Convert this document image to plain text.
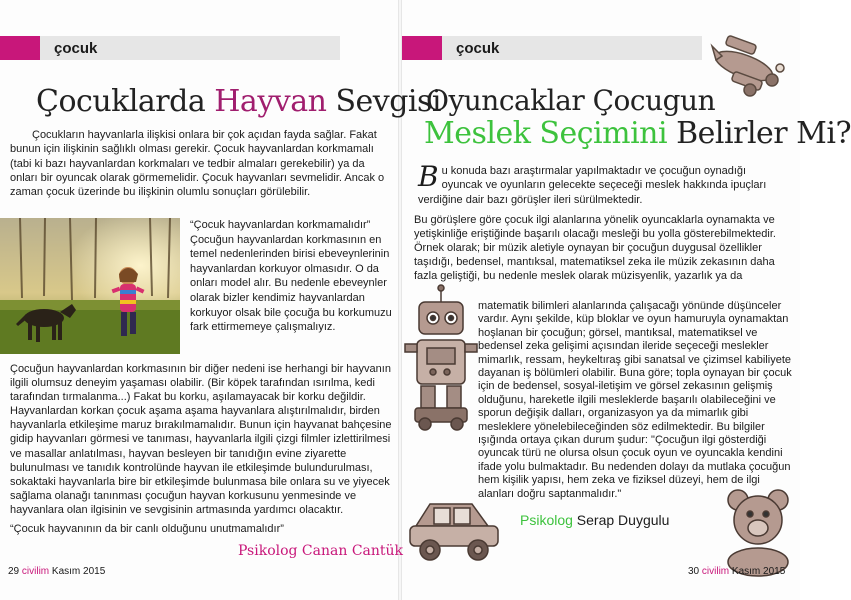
çocuk
Çocuklarda Hayvan Sevgisi

Çocukların hayvanlarla ilişkisi onlara bir çok açıdan fayda sağlar. Fakat bunun için ilişkinin sağlıklı olması gerekir. Çocuk hayvanlardan korkmamalı (tabi ki bazı hayvanlardan korkmaları ve tedbir almaları gerekebilir) ya da onları bir oyuncak olarak görmemelidir. Çocuk hayvanları sevmelidir. Ancak o zaman çocuk üzerinde bu ilişkinin olumlu sonuçları görülebilir.

“Çocuk hayvanlardan korkmamalıdır” Çocuğun hayvanlardan korkmasının en temel nedenlerinden birisi ebeveynlerinin hayvanlardan korkuyor olmasıdır. O da onları model alır. Bu nedenle ebeveynler olarak bizler kendimiz hayvanlardan korkuyor olsak bile çocuğa bu korkumuzu fark ettirmemeye çalışmalıyız.

Çocuğun hayvanlardan korkmasının bir diğer nedeni ise herhangi bir hayvanın ilgili olumsuz deneyim yaşaması olabilir. (Bir köpek tarafından ısırılma, kedi tarafından tırmalanma...) Fakat bu korku, aşılamayacak bir korku değildir. Hayvanlardan korkan çocuk aşama aşama hayvanlara alıştırılmalıdır, birden hayvanlarla etkileşime maruz bırakılmamalıdır. Bunun için hayvanat bahçesine gidip hayvanları görmesi ve tanıması, hayvanlarla ilgili çizgi filmler izlettirilmesi ve masallar anlatılması, hayvan besleyen bir tanıdığın evine ziyarette bulunulması ve tanıdık kontrolünde hayvan ile etkileşimde bulundurulması, sokaktaki hayvanlarla bire bir etkileşimde bulunmasa bile onlara su ve yiyecek sağlama olanağı tanınması çocuğun hayvan korkusunu yenmesinde ve hayvanlara olan ilgisinin ve sevgisinin artmasında yardımcı olacaktır.

“Çocuk hayvanının da bir canlı olduğunu unutmamalıdır”

Psikolog Canan Cantük
29 civilim Kasım 2015
çocuk
Oyuncaklar Çocugun
Meslek Seçimini Belirler Mi?
Bu konuda bazı araştırmalar yapılmaktadır ve çocuğun oynadığı oyuncak ve oyunların gelecekte seçeceği meslek hakkında ipuçları verdiğine dair bazı görüşler ileri sürülmektedir.

Bu görüşlere göre çocuk ilgi alanlarına yönelik oyuncaklarla oynamakta ve yetişkinliğe eriştiğinde başarılı olacağı mesleği bu yolla gösterebilmektedir. Örnek olarak; bir müzik aletiyle oynayan bir çocuğun duygusal özellikler taşıdığı, bedensel, mantıksal, matematiksel zeka ile müzik zekasının daha fazla geliştiği, bu nedenle meslek olarak müzisyenlik, yazarlık ya da

matematik bilimleri alanlarında çalışacağı yönünde düşünceler vardır. Aynı şekilde, küp bloklar ve oyun hamuruyla oynamaktan hoşlanan bir çocuğun; görsel, mantıksal, matematiksel ve bedensel zeka gelişimi açısından ileride seçeceği meslekler mimarlık, ressam, heykeltıraş gibi sanatsal ve çizimsel kabiliyete dayanan iş bölümleri olabilir. Buna göre; topla oynayan bir çocuk için de bedensel, sosyal-iletişim ve görsel zekasının gelişmiş olduğunu, hareketle ilgili mesleklerde başarılı olabileceğini ve sporun değişik dalları, organizasyon ya da mimarlık gibi mesleklere yönelebileceğinden söz edilmektedir. Bu bilgiler ışığında ortaya çıkan durum şudur: "Çocuğun ilgi gösterdiği oyuncak türü ne olursa olsun çocuk oyun ve oyuncakla kendini ifade yolu bulmaktadır. Bu nedenden dolayı da mutlaka çocuğun hem kişilik yapısı, hem zeka ve fiziksel düzeyi, hem de ilgi alanları doğru saptanmalıdır."

Psikolog Serap Duygulu
30 civilim Kasım 2015
